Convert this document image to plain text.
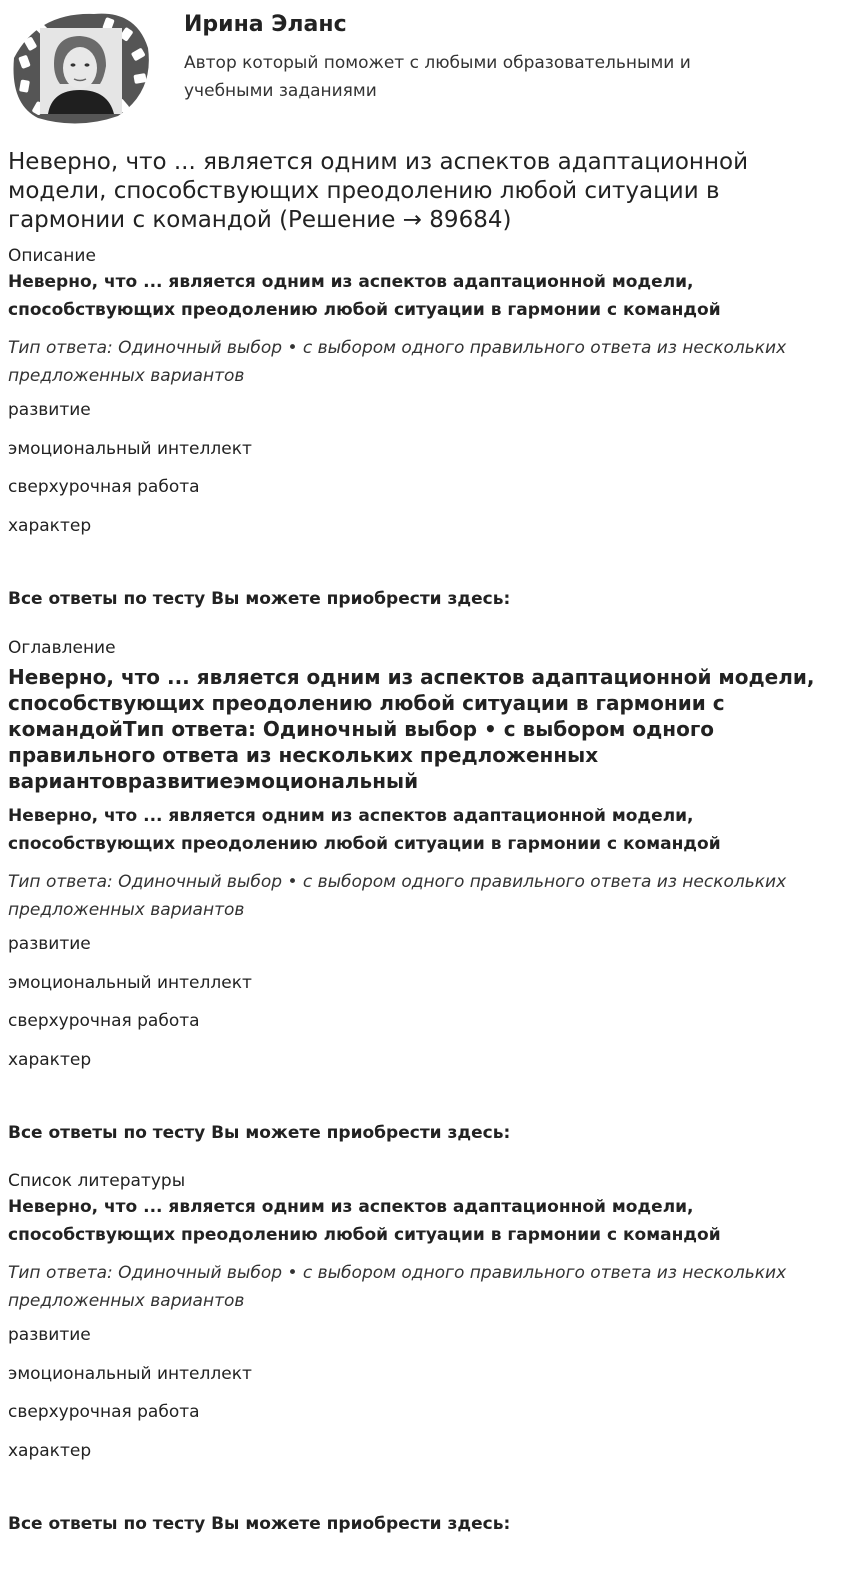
Ирина Эланс

Автор который поможет с любыми образовательными и учебными заданиями

Неверно, что ... является одним из аспектов адаптационной модели, способствующих преодолению любой ситуации в гармонии с командой (Решение → 89684)

Описание

Неверно, что ... является одним из аспектов адаптационной модели, способствующих преодолению любой ситуации в гармонии с командой

Тип ответа: Одиночный выбор • с выбором одного правильного ответа из нескольких предложенных вариантов

развитие
эмоциональный интеллект
сверхурочная работа
характер

Все ответы по тесту Вы можете приобрести здесь:

Оглавление

Неверно, что ... является одним из аспектов адаптационной модели, способствующих преодолению любой ситуации в гармонии с командойТип ответа: Одиночный выбор • с выбором одного правильного ответа из нескольких предложенных вариантовразвитиеэмоциональный

Неверно, что ... является одним из аспектов адаптационной модели, способствующих преодолению любой ситуации в гармонии с командой

Тип ответа: Одиночный выбор • с выбором одного правильного ответа из нескольких предложенных вариантов

развитие
эмоциональный интеллект
сверхурочная работа
характер

Все ответы по тесту Вы можете приобрести здесь:

Список литературы

Неверно, что ... является одним из аспектов адаптационной модели, способствующих преодолению любой ситуации в гармонии с командой

Тип ответа: Одиночный выбор • с выбором одного правильного ответа из нескольких предложенных вариантов

развитие
эмоциональный интеллект
сверхурочная работа
характер

Все ответы по тесту Вы можете приобрести здесь:
